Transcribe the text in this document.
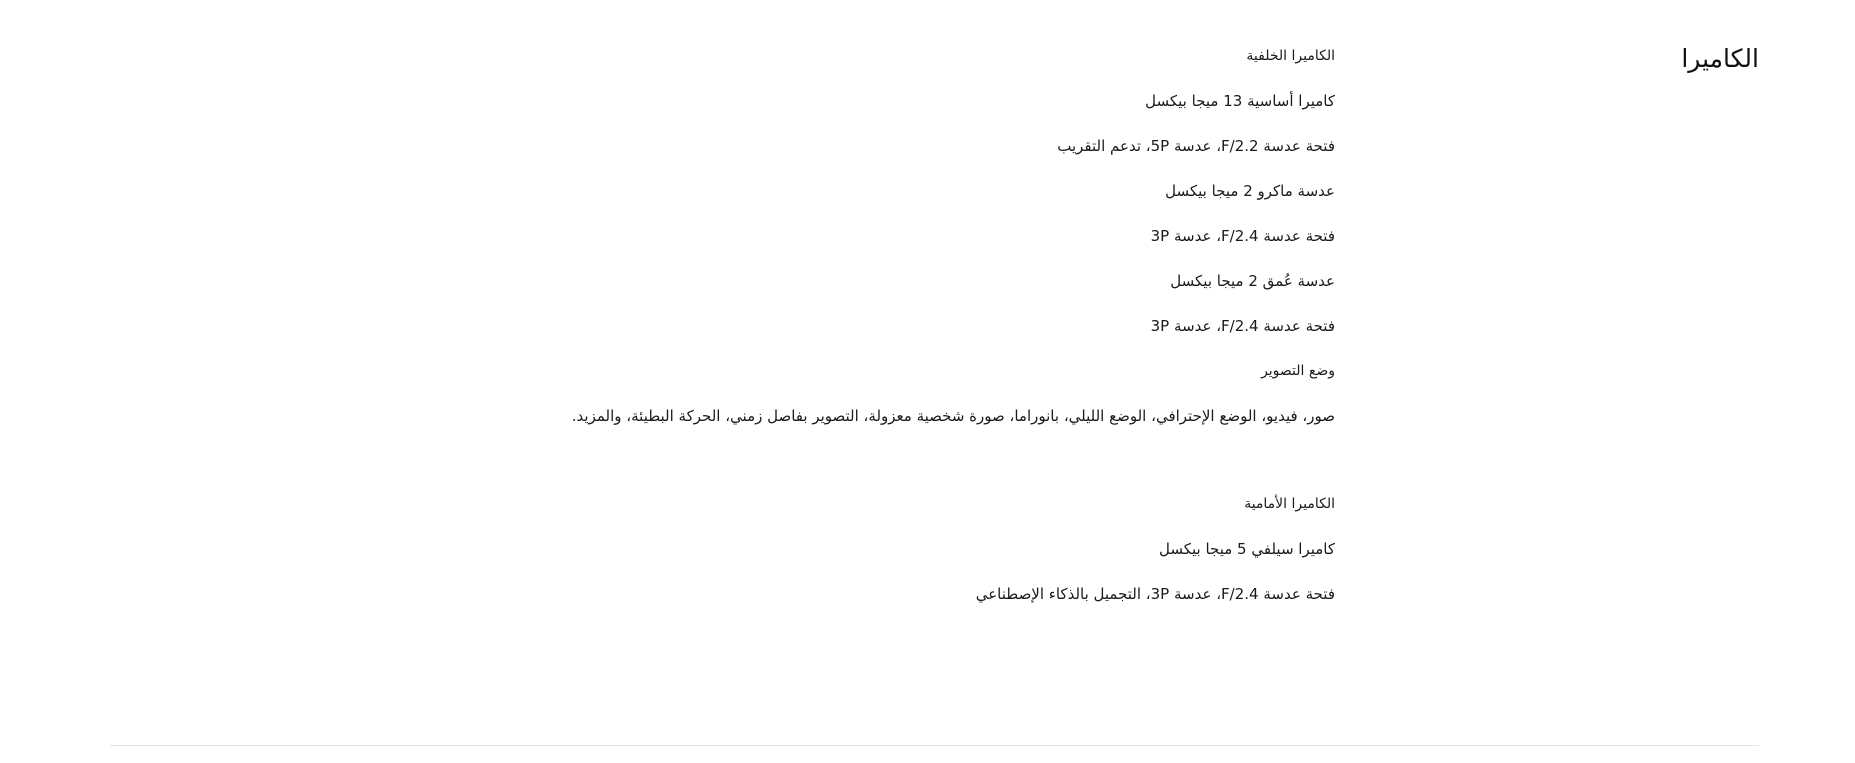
الكاميرا
الكاميرا الخلفية
كاميرا أساسية 13 ميجا بيكسل
فتحة عدسة F/2.2، عدسة 5P، تدعم التقريب
عدسة ماكرو 2 ميجا بيكسل
فتحة عدسة F/2.4، عدسة 3P
عدسة عُمق 2 ميجا بيكسل
فتحة عدسة F/2.4، عدسة 3P
وضع التصوير
صور، فيديو، الوضع الإحترافي، الوضع الليلي، بانوراما، صورة شخصية معزولة، التصوير بفاصل زمني، الحركة البطيئة، والمزيد.
الكاميرا الأمامية
كاميرا سيلفي 5 ميجا بيكسل
فتحة عدسة F/2.4، عدسة 3P، التجميل بالذكاء الإصطناعي
